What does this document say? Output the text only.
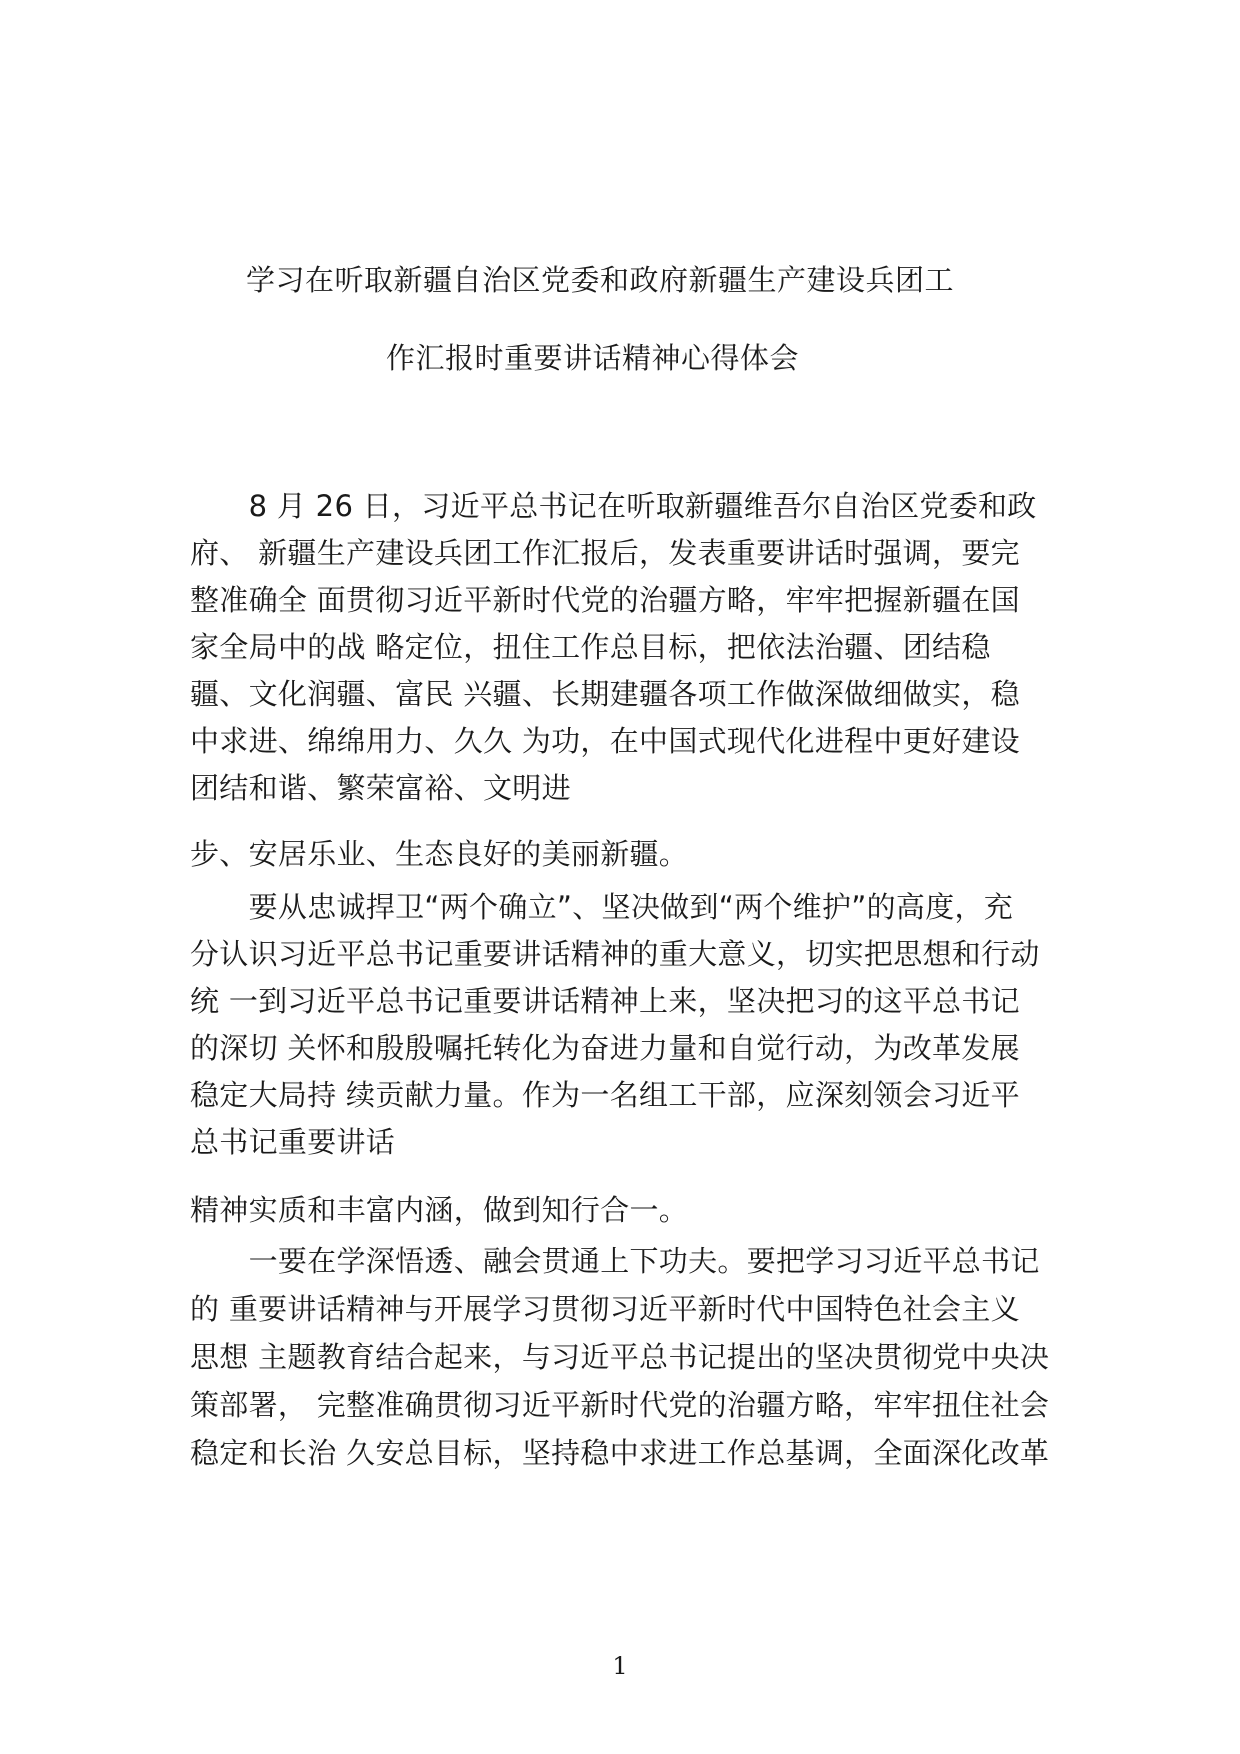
学习在听取新疆自治区党委和政府新疆生产建设兵团工
作汇报时重要讲话精神心得体会
　　8 月 26 日，习近平总书记在听取新疆维吾尔自治区党委和政
府、 新疆生产建设兵团工作汇报后，发表重要讲话时强调，要完
整准确全 面贯彻习近平新时代党的治疆方略，牢牢把握新疆在国
家全局中的战 略定位，扭住工作总目标，把依法治疆、团结稳
疆、文化润疆、富民 兴疆、长期建疆各项工作做深做细做实，稳
中求进、绵绵用力、久久 为功，在中国式现代化进程中更好建设
团结和谐、繁荣富裕、文明进
步、安居乐业、生态良好的美丽新疆。
　　要从忠诚捍卫“两个确立”、坚决做到“两个维护”的高度，充
分认识习近平总书记重要讲话精神的重大意义，切实把思想和行动
统 一到习近平总书记重要讲话精神上来，坚决把习的这平总书记
的深切 关怀和殷殷嘱托转化为奋进力量和自觉行动，为改革发展
稳定大局持 续贡献力量。作为一名组工干部，应深刻领会习近平
总书记重要讲话
精神实质和丰富内涵，做到知行合一。
　　一要在学深悟透、融会贯通上下功夫。要把学习习近平总书记
的 重要讲话精神与开展学习贯彻习近平新时代中国特色社会主义
思想 主题教育结合起来，与习近平总书记提出的坚决贯彻党中央决
策部署， 完整准确贯彻习近平新时代党的治疆方略，牢牢扭住社会
稳定和长治 久安总目标，坚持稳中求进工作总基调，全面深化改革
1
